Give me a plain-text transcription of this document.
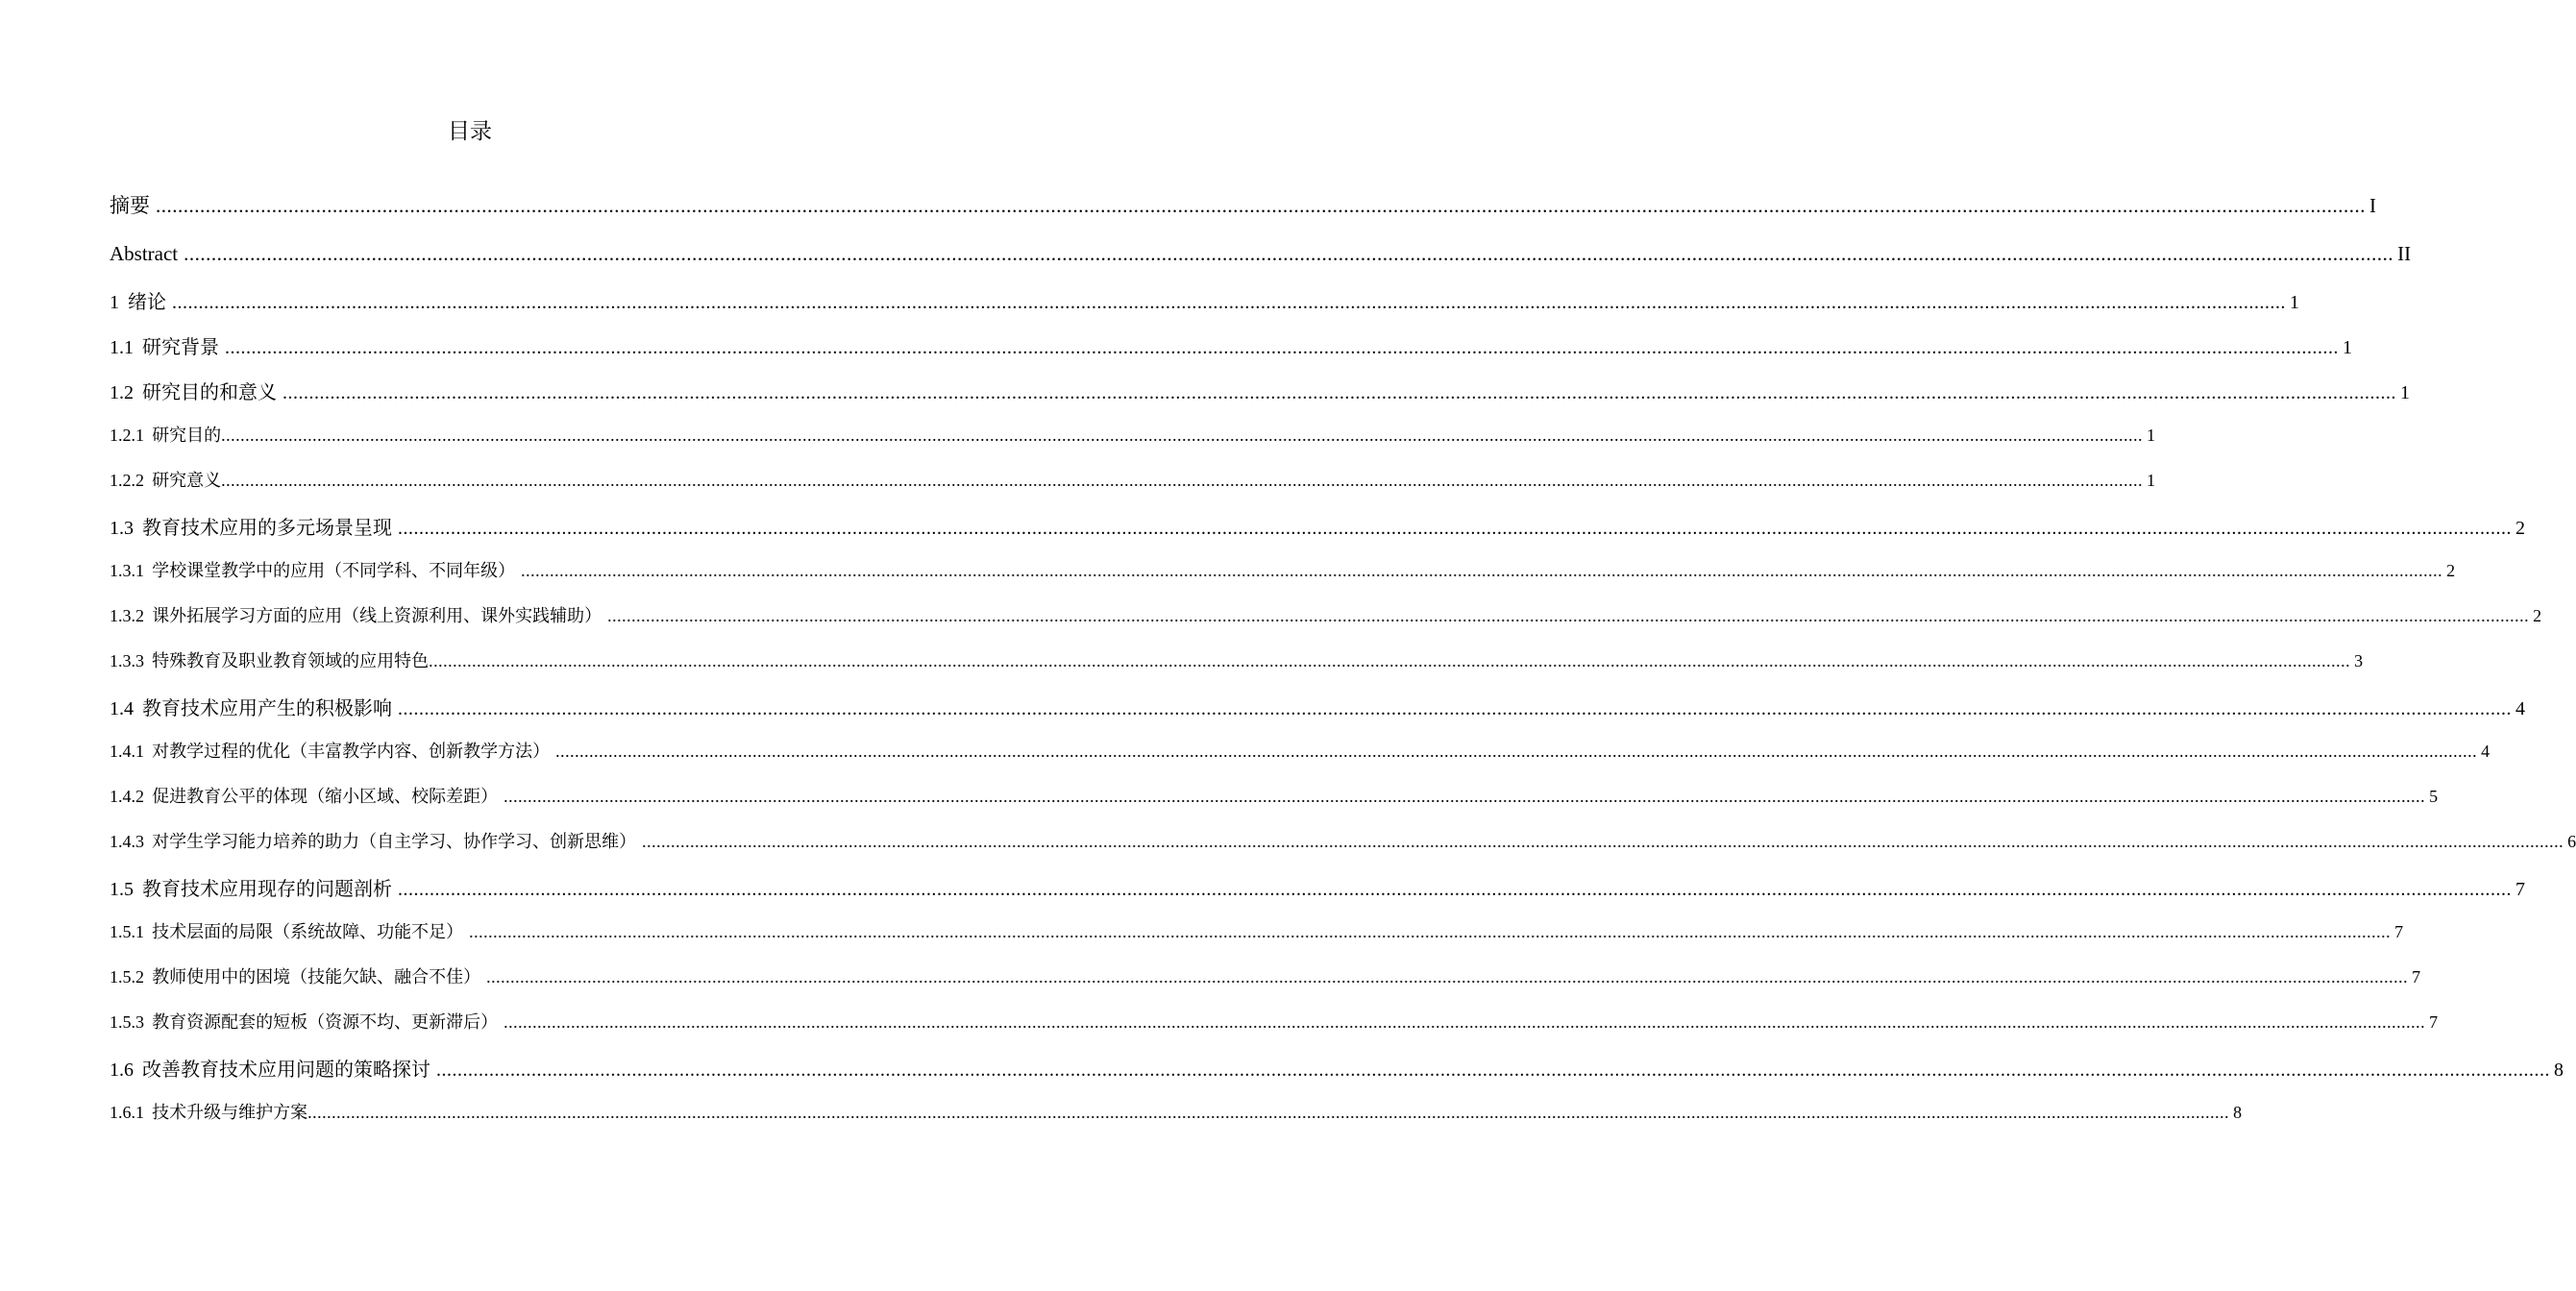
目录
摘要 ................................................................................................................................................................................................................................................................................................................................................................................................................ I
Abstract ................................................................................................................................................................................................................................................................................................................................................................................................................ II
1 绪论 ................................................................................................................................................................................................................................................................................................................................................................................................................ 1
1.1 研究背景 ................................................................................................................................................................................................................................................................................................................................................................................................................ 1
1.2 研究目的和意义 ................................................................................................................................................................................................................................................................................................................................................................................................................ 1
1.2.1 研究目的 ................................................................................................................................................................................................................................................................................................................................................................................................................ 1
1.2.2 研究意义 ................................................................................................................................................................................................................................................................................................................................................................................................................ 1
1.3 教育技术应用的多元场景呈现 ................................................................................................................................................................................................................................................................................................................................................................................................................ 2
1.3.1 学校课堂教学中的应用（不同学科、不同年级） ................................................................................................................................................................................................................................................................................................................................................................................................................ 2
1.3.2 课外拓展学习方面的应用（线上资源利用、课外实践辅助） ................................................................................................................................................................................................................................................................................................................................................................................................................ 2
1.3.3 特殊教育及职业教育领域的应用特色 ................................................................................................................................................................................................................................................................................................................................................................................................................ 3
1.4 教育技术应用产生的积极影响 ................................................................................................................................................................................................................................................................................................................................................................................................................ 4
1.4.1 对教学过程的优化（丰富教学内容、创新教学方法） ................................................................................................................................................................................................................................................................................................................................................................................................................ 4
1.4.2 促进教育公平的体现（缩小区域、校际差距） ................................................................................................................................................................................................................................................................................................................................................................................................................ 5
1.4.3 对学生学习能力培养的助力（自主学习、协作学习、创新思维） ................................................................................................................................................................................................................................................................................................................................................................................................................ 6
1.5 教育技术应用现存的问题剖析 ................................................................................................................................................................................................................................................................................................................................................................................................................ 7
1.5.1 技术层面的局限（系统故障、功能不足） ................................................................................................................................................................................................................................................................................................................................................................................................................ 7
1.5.2 教师使用中的困境（技能欠缺、融合不佳） ................................................................................................................................................................................................................................................................................................................................................................................................................ 7
1.5.3 教育资源配套的短板（资源不均、更新滞后） ................................................................................................................................................................................................................................................................................................................................................................................................................ 7
1.6 改善教育技术应用问题的策略探讨 ................................................................................................................................................................................................................................................................................................................................................................................................................ 8
1.6.1 技术升级与维护方案 ................................................................................................................................................................................................................................................................................................................................................................................................................ 8
